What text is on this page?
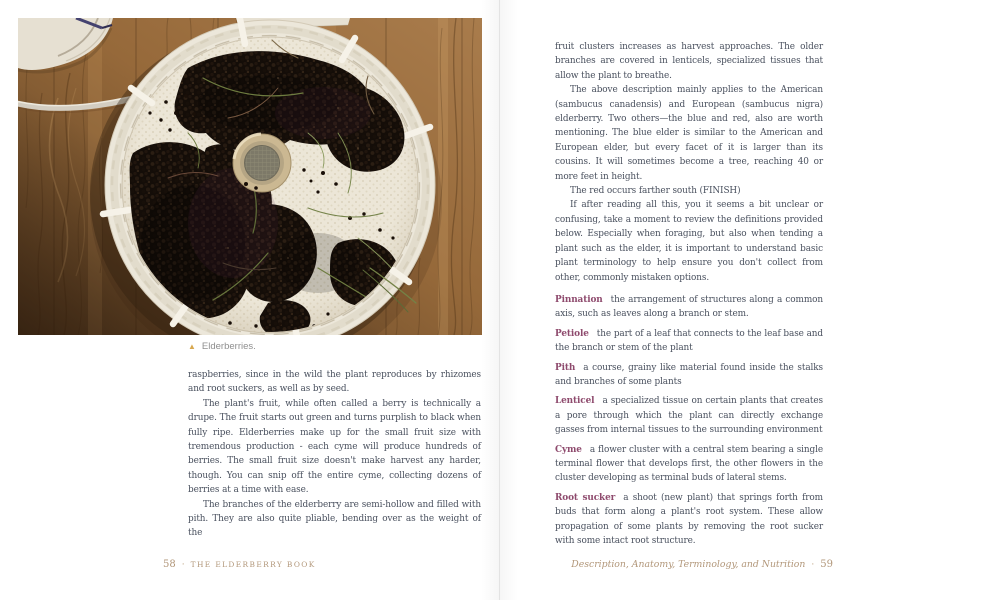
▲ Elderberries.

raspberries, since in the wild the plant reproduces by rhizomes and root suckers, as well as by seed.

The plant's fruit, while often called a berry is technically a drupe. The fruit starts out green and turns purplish to black when fully ripe. Elderberries make up for the small fruit size with tremendous production - each cyme will produce hundreds of berries. The small fruit size doesn't make harvest any harder, though. You can snip off the entire cyme, collecting dozens of berries at a time with ease.

The branches of the elderberry are semi-hollow and filled with pith. They are also quite pliable, bending over as the weight of the

58 · THE ELDERBERRY BOOK

fruit clusters increases as harvest approaches. The older branches are covered in lenticels, specialized tissues that allow the plant to breathe.

The above description mainly applies to the American (sambucus canadensis) and European (sambucus nigra) elderberry. Two others—the blue and red, also are worth mentioning. The blue elder is similar to the American and European elder, but every facet of it is larger than its cousins. It will sometimes become a tree, reaching 40 or more feet in height.

The red occurs farther south (FINISH)

If after reading all this, you it seems a bit unclear or confusing, take a moment to review the definitions provided below. Especially when foraging, but also when tending a plant such as the elder, it is important to understand basic plant terminology to help ensure you don't collect from other, commonly mistaken options.

Pinnation the arrangement of structures along a common axis, such as leaves along a branch or stem.

Petiole the part of a leaf that connects to the leaf base and the branch or stem of the plant

Pith a course, grainy like material found inside the stalks and branches of some plants

Lenticel a specialized tissue on certain plants that creates a pore through which the plant can directly exchange gasses from internal tissues to the surrounding environment

Cyme a flower cluster with a central stem bearing a single terminal flower that develops first, the other flowers in the cluster developing as terminal buds of lateral stems.

Root sucker a shoot (new plant) that springs forth from buds that form along a plant's root system. These allow propagation of some plants by removing the root sucker with some intact root structure.

Description, Anatomy, Terminology, and Nutrition · 59
